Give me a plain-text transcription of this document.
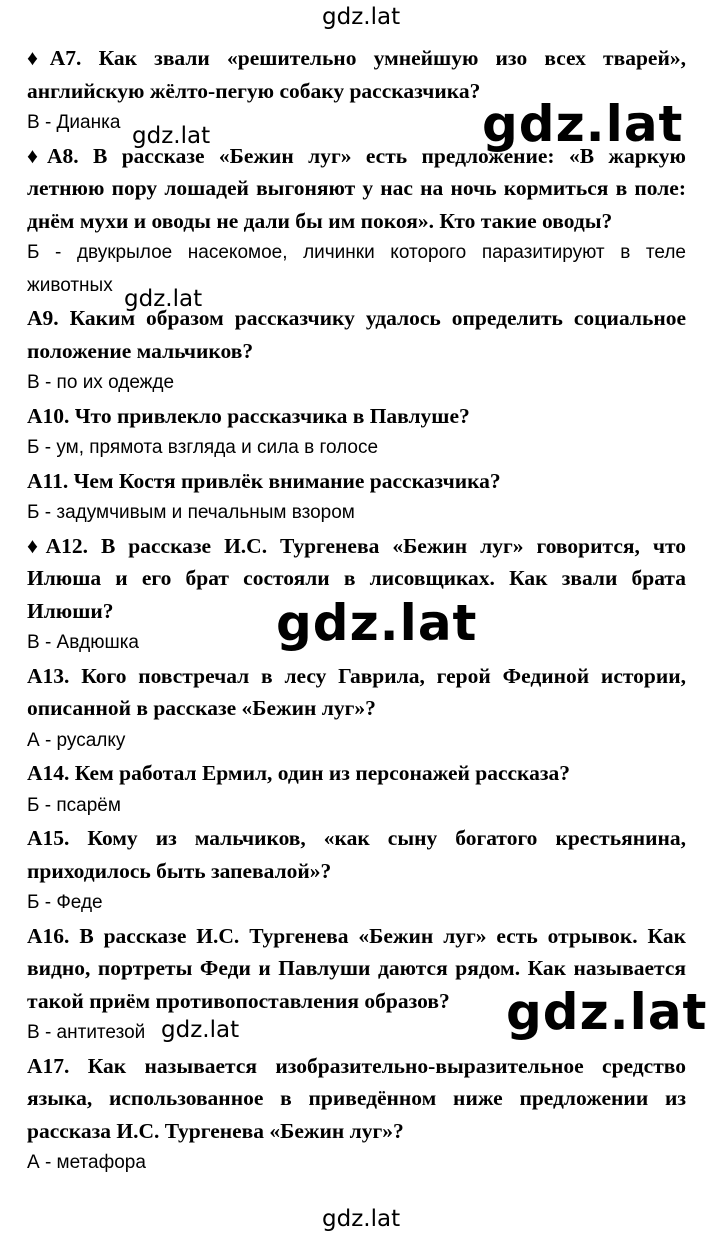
gdz.lat

♦А7. Как звали «решительно умнейшую изо всех тварей», английскую жёлто-пегую собаку рассказчика?

В - Дианка

♦А8. В рассказе «Бежин луг» есть предложение: «В жаркую летнюю пору лошадей выгоняют у нас на ночь кормиться в поле: днём мухи и оводы не дали бы им покоя». Кто такие оводы?

Б - двукрылое насекомое, личинки которого паразитируют в теле животных

А9. Каким образом рассказчику удалось определить социальное положение мальчиков?

В - по их одежде

А10. Что привлекло рассказчика в Павлуше?

Б - ум, прямота взгляда и сила в голосе

А11. Чем Костя привлёк внимание рассказчика?

Б - задумчивым и печальным взором

♦А12. В рассказе И.С. Тургенева «Бежин луг» говорится, что Илюша и его брат состояли в лисовщиках. Как звали брата Илюши?

В - Авдюшка

А13. Кого повстречал в лесу Гаврила, герой Фединой истории, описанной в рассказе «Бежин луг»?

А - русалку

А14. Кем работал Ермил, один из персонажей рассказа?

Б - псарём

А15. Кому из мальчиков, «как сыну богатого крестьянина, приходилось быть запевалой»?

Б - Феде

А16. В рассказе И.С. Тургенева «Бежин луг» есть отрывок. Как видно, портреты Феди и Павлуши даются рядом. Как называется такой приём противопоставления образов?

В - антитезой

А17. Как называется изобразительно-выразительное средство языка, использованное в приведённом ниже предложении из рассказа И.С. Тургенева «Бежин луг»?

А - метафора

gdz.lat
gdz.lat
gdz.lat
gdz.lat
gdz.lat
gdz.lat
gdz.lat
